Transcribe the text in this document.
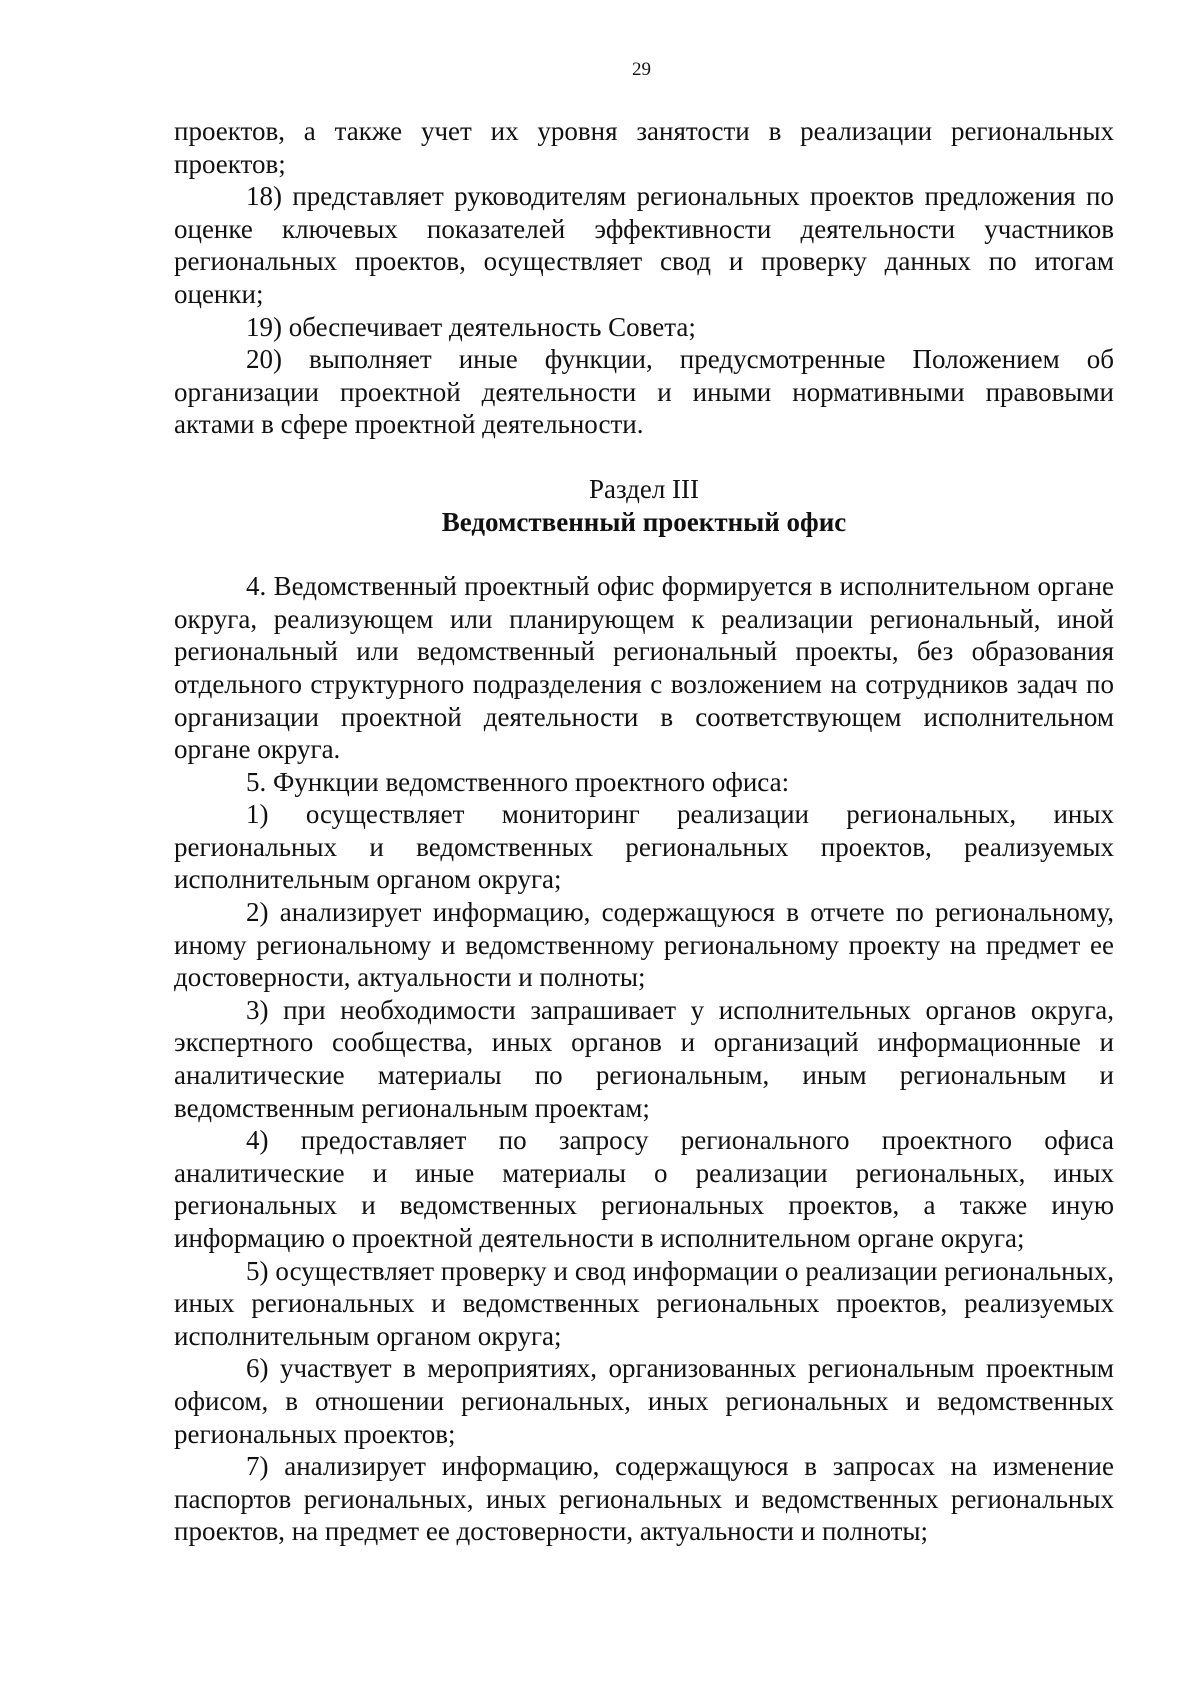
29

проектов, а также учет их уровня занятости в реализации региональных проектов;

18) представляет руководителям региональных проектов предложения по оценке ключевых показателей эффективности деятельности участников региональных проектов, осуществляет свод и проверку данных по итогам оценки;

19) обеспечивает деятельность Совета;

20) выполняет иные функции, предусмотренные Положением об организации проектной деятельности и иными нормативными правовыми актами в сфере проектной деятельности.

Раздел III
Ведомственный проектный офис

4. Ведомственный проектный офис формируется в исполнительном органе округа, реализующем или планирующем к реализации региональный, иной региональный или ведомственный региональный проекты, без образования отдельного структурного подразделения с возложением на сотрудников задач по организации проектной деятельности в соответствующем исполнительном органе округа.

5. Функции ведомственного проектного офиса:

1) осуществляет мониторинг реализации региональных, иных региональных и ведомственных региональных проектов, реализуемых исполнительным органом округа;

2) анализирует информацию, содержащуюся в отчете по региональному, иному региональному и ведомственному региональному проекту на предмет ее достоверности, актуальности и полноты;

3) при необходимости запрашивает у исполнительных органов округа, экспертного сообщества, иных органов и организаций информационные и аналитические материалы по региональным, иным региональным и ведомственным региональным проектам;

4) предоставляет по запросу регионального проектного офиса аналитические и иные материалы о реализации региональных, иных региональных и ведомственных региональных проектов, а также иную информацию о проектной деятельности в исполнительном органе округа;

5) осуществляет проверку и свод информации о реализации региональных, иных региональных и ведомственных региональных проектов, реализуемых исполнительным органом округа;

6) участвует в мероприятиях, организованных региональным проектным офисом, в отношении региональных, иных региональных и ведомственных региональных проектов;

7) анализирует информацию, содержащуюся в запросах на изменение паспортов региональных, иных региональных и ведомственных региональных проектов, на предмет ее достоверности, актуальности и полноты;
